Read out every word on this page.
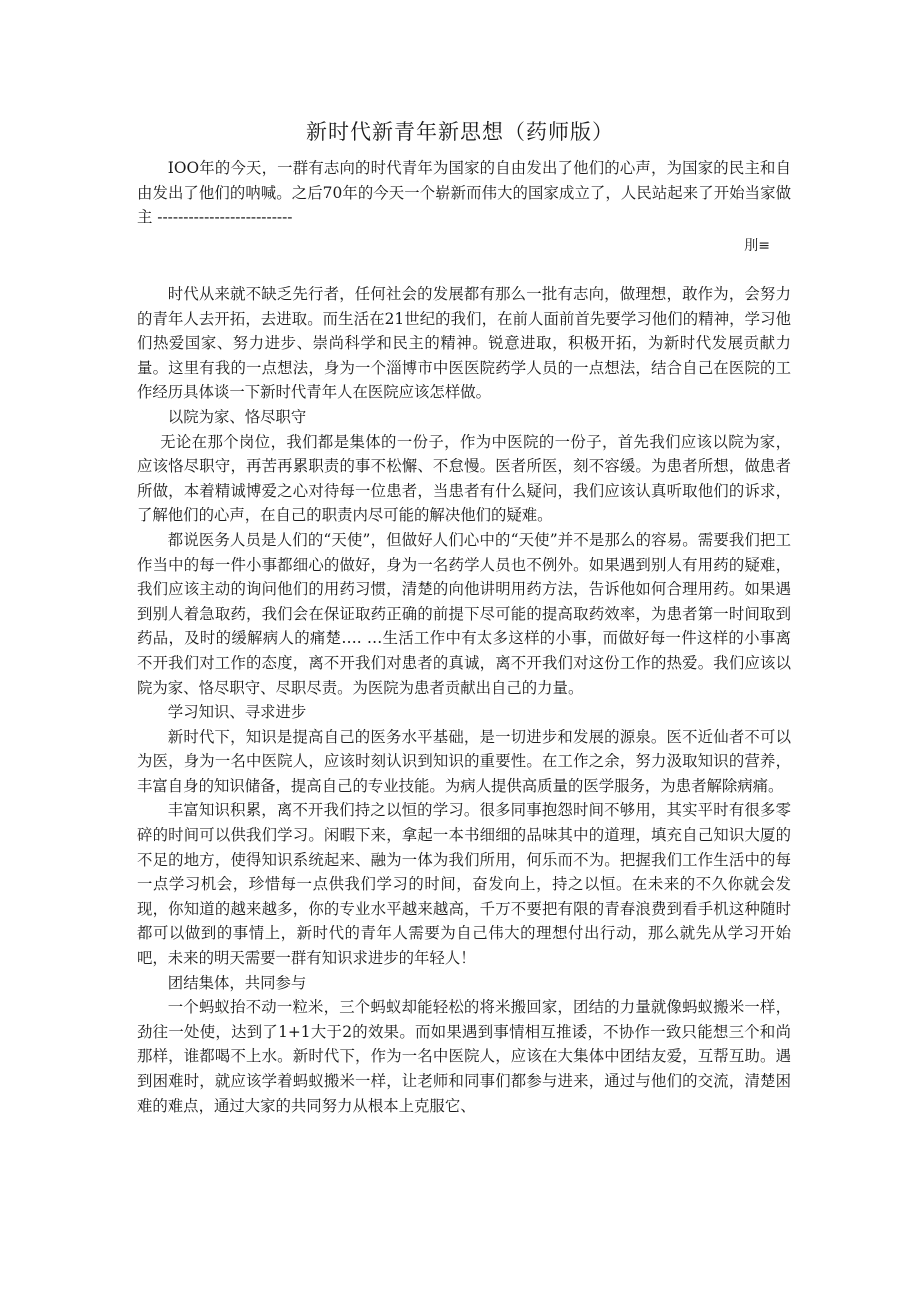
新时代新青年新思想（药师版）

IOO年的今天，一群有志向的时代青年为国家的自由发出了他们的心声，为国家的民主和自由发出了他们的呐喊。之后70年的今天一个崭新而伟大的国家成立了，人民站起来了开始当家做主 --------------------------

刖≡

时代从来就不缺乏先行者，任何社会的发展都有那么一批有志向，做理想，敢作为，会努力的青年人去开拓，去进取。而生活在21世纪的我们，在前人面前首先要学习他们的精神，学习他们热爱国家、努力进步、崇尚科学和民主的精神。锐意进取，积极开拓，为新时代发展贡献力量。这里有我的一点想法，身为一个淄博市中医医院药学人员的一点想法，结合自己在医院的工作经历具体谈一下新时代青年人在医院应该怎样做。

以院为家、恪尽职守

无论在那个岗位，我们都是集体的一份子，作为中医院的一份子，首先我们应该以院为家，应该恪尽职守，再苦再累职责的事不松懈、不怠慢。医者所医，刻不容缓。为患者所想，做患者所做，本着精诚博爱之心对待每一位患者，当患者有什么疑问，我们应该认真听取他们的诉求，了解他们的心声，在自己的职责内尽可能的解决他们的疑难。

都说医务人员是人们的“天使”，但做好人们心中的“天使”并不是那么的容易。需要我们把工作当中的每一件小事都细心的做好，身为一名药学人员也不例外。如果遇到别人有用药的疑难，我们应该主动的询问他们的用药习惯，清楚的向他讲明用药方法，告诉他如何合理用药。如果遇到别人着急取药，我们会在保证取药正确的前提下尽可能的提高取药效率，为患者第一时间取到药品，及时的缓解病人的痛楚…. …生活工作中有太多这样的小事，而做好每一件这样的小事离不开我们对工作的态度，离不开我们对患者的真诚，离不开我们对这份工作的热爱。我们应该以院为家、恪尽职守、尽职尽责。为医院为患者贡献出自己的力量。

学习知识、寻求进步

新时代下，知识是提高自己的医务水平基础，是一切进步和发展的源泉。医不近仙者不可以为医，身为一名中医院人，应该时刻认识到知识的重要性。在工作之余，努力汲取知识的营养，丰富自身的知识储备，提高自己的专业技能。为病人提供高质量的医学服务，为患者解除病痛。

丰富知识积累，离不开我们持之以恒的学习。很多同事抱怨时间不够用，其实平时有很多零碎的时间可以供我们学习。闲暇下来，拿起一本书细细的品味其中的道理，填充自己知识大厦的不足的地方，使得知识系统起来、融为一体为我们所用，何乐而不为。把握我们工作生活中的每一点学习机会，珍惜每一点供我们学习的时间，奋发向上，持之以恒。在未来的不久你就会发现，你知道的越来越多，你的专业水平越来越高，千万不要把有限的青春浪费到看手机这种随时都可以做到的事情上，新时代的青年人需要为自己伟大的理想付出行动，那么就先从学习开始吧，未来的明天需要一群有知识求进步的年轻人！

团结集体，共同参与

一个蚂蚁抬不动一粒米，三个蚂蚁却能轻松的将米搬回家，团结的力量就像蚂蚁搬米一样，劲往一处使，达到了1+1大于2的效果。而如果遇到事情相互推诿，不协作一致只能想三个和尚那样，谁都喝不上水。新时代下，作为一名中医院人，应该在大集体中团结友爱，互帮互助。遇到困难时，就应该学着蚂蚁搬米一样，让老师和同事们都参与进来，通过与他们的交流，清楚困难的难点，通过大家的共同努力从根本上克服它、
